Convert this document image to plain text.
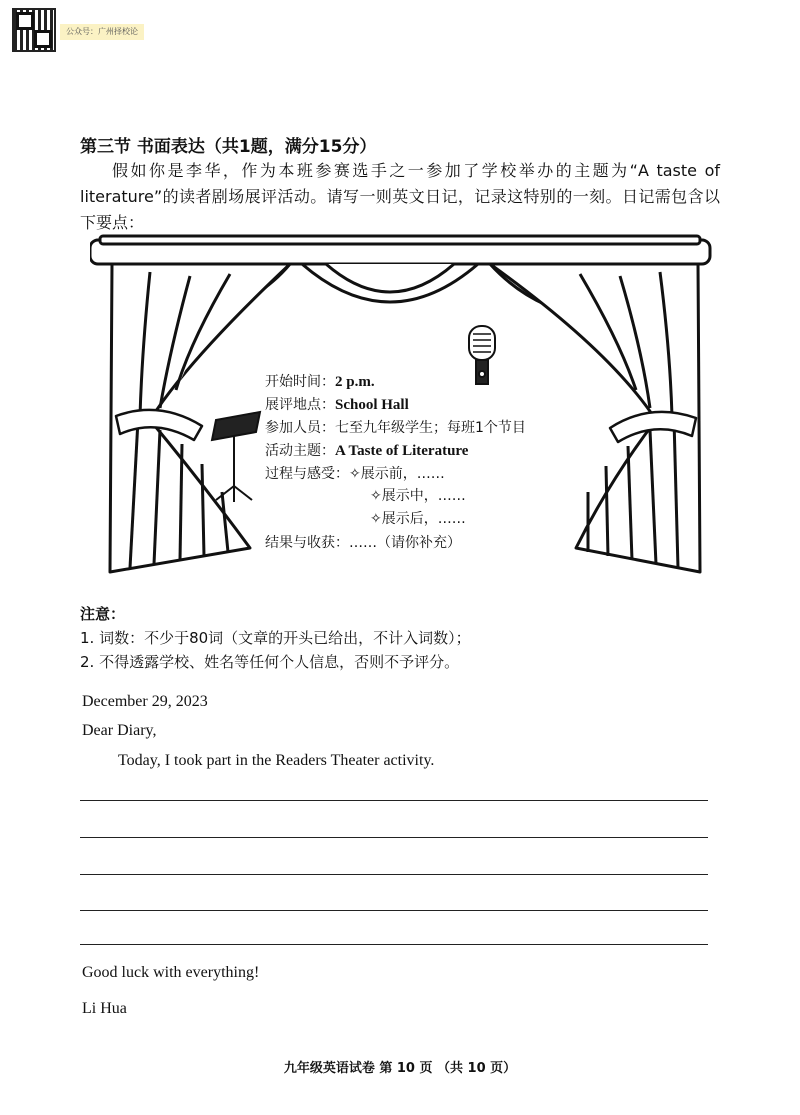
公众号：广州择校论
第三节 书面表达（共1题，满分15分）
假如你是李华，作为本班参赛选手之一参加了学校举办的主题为“A taste of literature”的读者剧场展评活动。请写一则英文日记，记录这特别的一刻。日记需包含以下要点：
开始时间：2 p.m.
展评地点：School Hall
参加人员：七至九年级学生；每班1个节目
活动主题：A Taste of Literature
过程与感受：✧展示前，……
✧展示中，……
✧展示后，……
结果与收获：……（请你补充）
注意：
1. 词数：不少于80词（文章的开头已给出，不计入词数）；
2. 不得透露学校、姓名等任何个人信息，否则不予评分。
December 29, 2023
Dear Diary,
Today, I took part in the Readers Theater activity.
Good luck with everything!
Li Hua
九年级英语试卷 第 10 页 （共 10 页）
